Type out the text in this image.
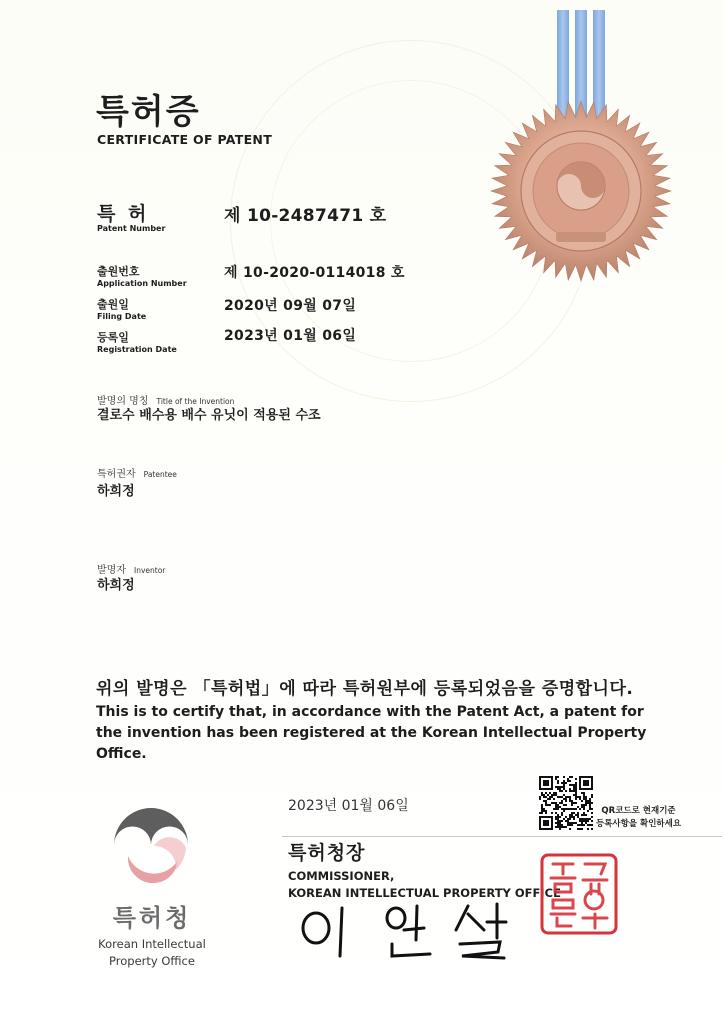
특허증
CERTIFICATE OF PATENT
특 허
Patent Number
제 10-2487471 호
출원번호
Application Number
제 10-2020-0114018 호
출원일
Filing Date
2020년 09월 07일
등록일
Registration Date
2023년 01월 06일
발명의 명칭 Title of the Invention
결로수 배수용 배수 유닛이 적용된 수조
특허권자 Patentee
하희정
발명자 Inventor
하희정
위의 발명은 「특허법」에 따라 특허원부에 등록되었음을 증명합니다.
This is to certify that, in accordance with the Patent Act, a patent for the invention has been registered at the Korean Intellectual Property Office.
2023년 01월 06일	QR코드로 현재기준
등록사항을 확인하세요
특허청장
COMMISSIONER,
KOREAN INTELLECTUAL PROPERTY OFFICE
특허청
Korean Intellectual Property Office
